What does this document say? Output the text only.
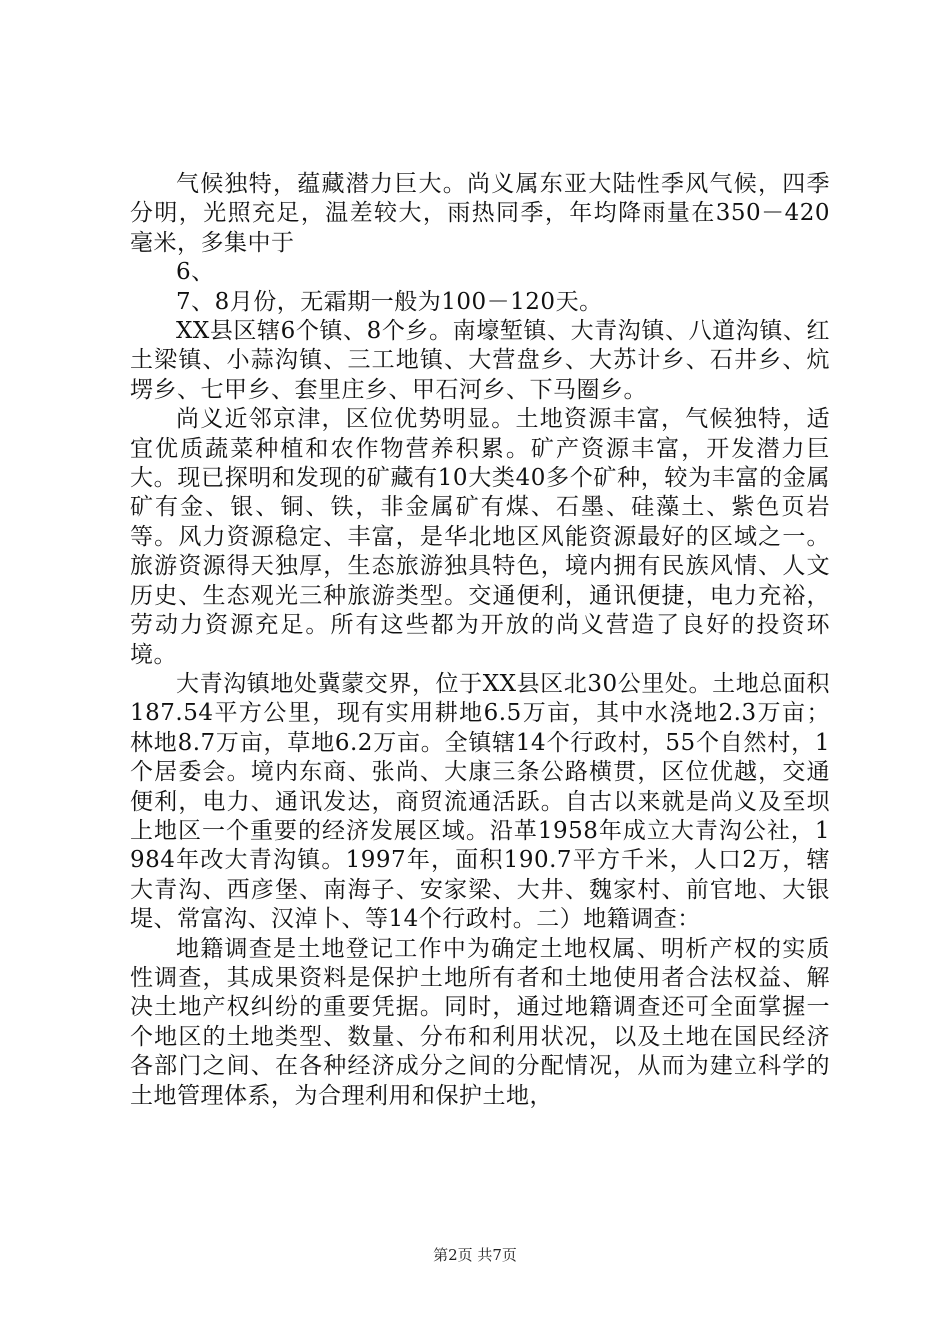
气候独特，蕴藏潜力巨大。尚义属东亚大陆性季风气候，四季分明，光照充足，温差较大，雨热同季，年均降雨量在350－420毫米，多集中于

6、

7、8月份，无霜期一般为100－120天。

XX县区辖6个镇、8个乡。南壕堑镇、大青沟镇、八道沟镇、红土梁镇、小蒜沟镇、三工地镇、大营盘乡、大苏计乡、石井乡、炕塄乡、七甲乡、套里庄乡、甲石河乡、下马圈乡。

尚义近邻京津，区位优势明显。土地资源丰富，气候独特，适宜优质蔬菜种植和农作物营养积累。矿产资源丰富，开发潜力巨大。现已探明和发现的矿藏有10大类40多个矿种，较为丰富的金属矿有金、银、铜、铁，非金属矿有煤、石墨、硅藻土、紫色页岩等。风力资源稳定、丰富，是华北地区风能资源最好的区域之一。旅游资源得天独厚，生态旅游独具特色，境内拥有民族风情、人文历史、生态观光三种旅游类型。交通便利，通讯便捷，电力充裕，劳动力资源充足。所有这些都为开放的尚义营造了良好的投资环境。

大青沟镇地处冀蒙交界，位于XX县区北30公里处。土地总面积187.54平方公里，现有实用耕地6.5万亩，其中水浇地2.3万亩；林地8.7万亩，草地6.2万亩。全镇辖14个行政村，55个自然村，1个居委会。境内东商、张尚、大康三条公路横贯，区位优越，交通便利，电力、通讯发达，商贸流通活跃。自古以来就是尚义及至坝上地区一个重要的经济发展区域。沿革1958年成立大青沟公社，1984年改大青沟镇。1997年，面积190.7平方千米，人口2万，辖大青沟、西彦堡、南海子、安家梁、大井、魏家村、前官地、大银堤、常富沟、汉淖卜、等14个行政村。二）地籍调查：

地籍调查是土地登记工作中为确定土地权属、明析产权的实质性调查，其成果资料是保护土地所有者和土地使用者合法权益、解决土地产权纠纷的重要凭据。同时，通过地籍调查还可全面掌握一个地区的土地类型、数量、分布和利用状况，以及土地在国民经济各部门之间、在各种经济成分之间的分配情况，从而为建立科学的土地管理体系，为合理利用和保护土地，

第2页 共7页
